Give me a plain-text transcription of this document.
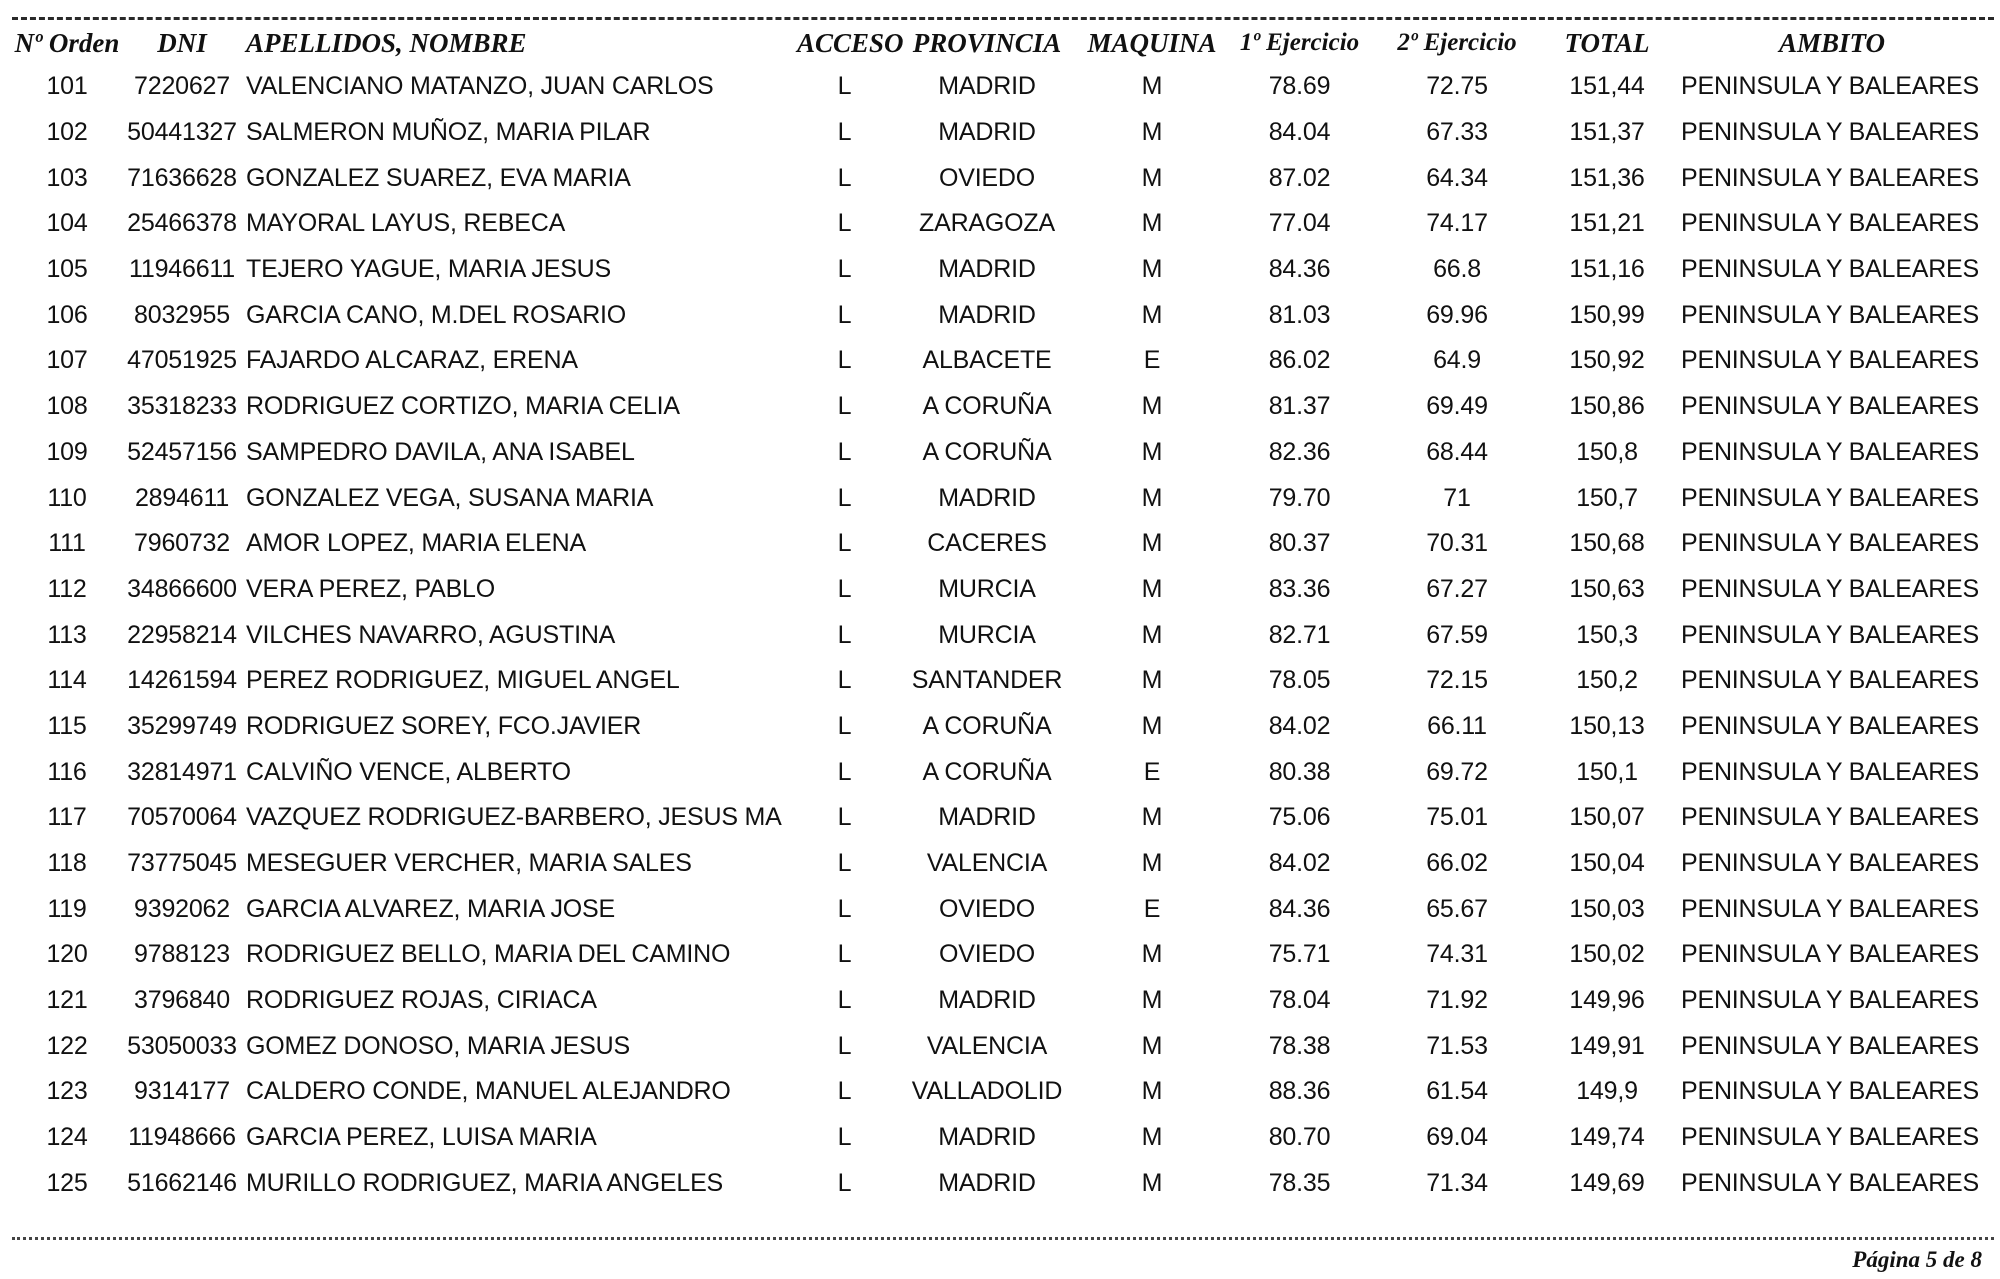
Nº Orden	DNI	APELLIDOS, NOMBRE	ACCESO	PROVINCIA	MAQUINA	1º Ejercicio	2º Ejercicio	TOTAL	AMBITO
101	7220627	VALENCIANO MATANZO, JUAN CARLOS	L	MADRID	M	78.69	72.75	151,44	PENINSULA Y BALEARES
102	50441327	SALMERON MUÑOZ, MARIA PILAR	L	MADRID	M	84.04	67.33	151,37	PENINSULA Y BALEARES
103	71636628	GONZALEZ SUAREZ, EVA MARIA	L	OVIEDO	M	87.02	64.34	151,36	PENINSULA Y BALEARES
104	25466378	MAYORAL LAYUS, REBECA	L	ZARAGOZA	M	77.04	74.17	151,21	PENINSULA Y BALEARES
105	11946611	TEJERO YAGUE, MARIA JESUS	L	MADRID	M	84.36	66.8	151,16	PENINSULA Y BALEARES
106	8032955	GARCIA CANO, M.DEL ROSARIO	L	MADRID	M	81.03	69.96	150,99	PENINSULA Y BALEARES
107	47051925	FAJARDO ALCARAZ, ERENA	L	ALBACETE	E	86.02	64.9	150,92	PENINSULA Y BALEARES
108	35318233	RODRIGUEZ CORTIZO, MARIA CELIA	L	A CORUÑA	M	81.37	69.49	150,86	PENINSULA Y BALEARES
109	52457156	SAMPEDRO DAVILA, ANA ISABEL	L	A CORUÑA	M	82.36	68.44	150,8	PENINSULA Y BALEARES
110	2894611	GONZALEZ VEGA, SUSANA MARIA	L	MADRID	M	79.70	71	150,7	PENINSULA Y BALEARES
111	7960732	AMOR LOPEZ, MARIA ELENA	L	CACERES	M	80.37	70.31	150,68	PENINSULA Y BALEARES
112	34866600	VERA PEREZ, PABLO	L	MURCIA	M	83.36	67.27	150,63	PENINSULA Y BALEARES
113	22958214	VILCHES NAVARRO, AGUSTINA	L	MURCIA	M	82.71	67.59	150,3	PENINSULA Y BALEARES
114	14261594	PEREZ RODRIGUEZ, MIGUEL ANGEL	L	SANTANDER	M	78.05	72.15	150,2	PENINSULA Y BALEARES
115	35299749	RODRIGUEZ SOREY, FCO.JAVIER	L	A CORUÑA	M	84.02	66.11	150,13	PENINSULA Y BALEARES
116	32814971	CALVIÑO VENCE, ALBERTO	L	A CORUÑA	E	80.38	69.72	150,1	PENINSULA Y BALEARES
117	70570064	VAZQUEZ RODRIGUEZ-BARBERO, JESUS MA	L	MADRID	M	75.06	75.01	150,07	PENINSULA Y BALEARES
118	73775045	MESEGUER VERCHER, MARIA SALES	L	VALENCIA	M	84.02	66.02	150,04	PENINSULA Y BALEARES
119	9392062	GARCIA ALVAREZ, MARIA JOSE	L	OVIEDO	E	84.36	65.67	150,03	PENINSULA Y BALEARES
120	9788123	RODRIGUEZ BELLO, MARIA DEL CAMINO	L	OVIEDO	M	75.71	74.31	150,02	PENINSULA Y BALEARES
121	3796840	RODRIGUEZ ROJAS, CIRIACA	L	MADRID	M	78.04	71.92	149,96	PENINSULA Y BALEARES
122	53050033	GOMEZ DONOSO, MARIA JESUS	L	VALENCIA	M	78.38	71.53	149,91	PENINSULA Y BALEARES
123	9314177	CALDERO CONDE, MANUEL ALEJANDRO	L	VALLADOLID	M	88.36	61.54	149,9	PENINSULA Y BALEARES
124	11948666	GARCIA PEREZ, LUISA MARIA	L	MADRID	M	80.70	69.04	149,74	PENINSULA Y BALEARES
125	51662146	MURILLO RODRIGUEZ, MARIA ANGELES	L	MADRID	M	78.35	71.34	149,69	PENINSULA Y BALEARES
Página 5 de 8
